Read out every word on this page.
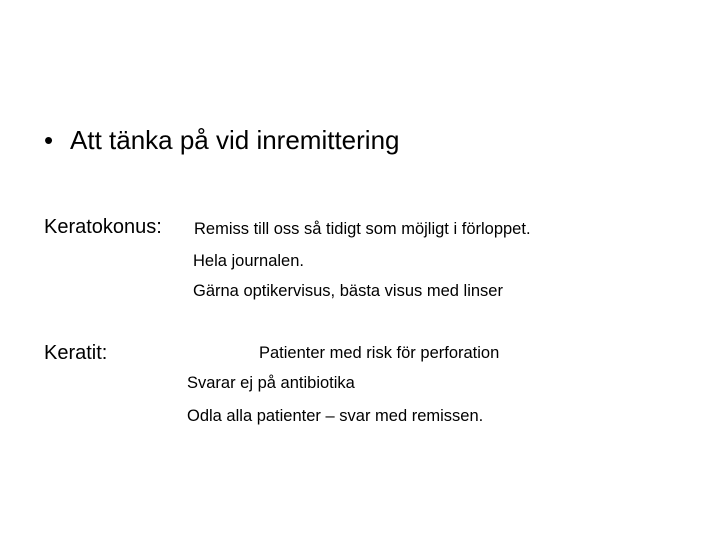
• Att tänka på vid inremittering
Keratokonus: Remiss till oss så tidigt som möjligt i förloppet.
Hela journalen.
Gärna optikervisus, bästa visus med linser
Keratit:	Patienter med risk för perforation
Svarar ej på antibiotika
Odla alla patienter – svar med remissen.
